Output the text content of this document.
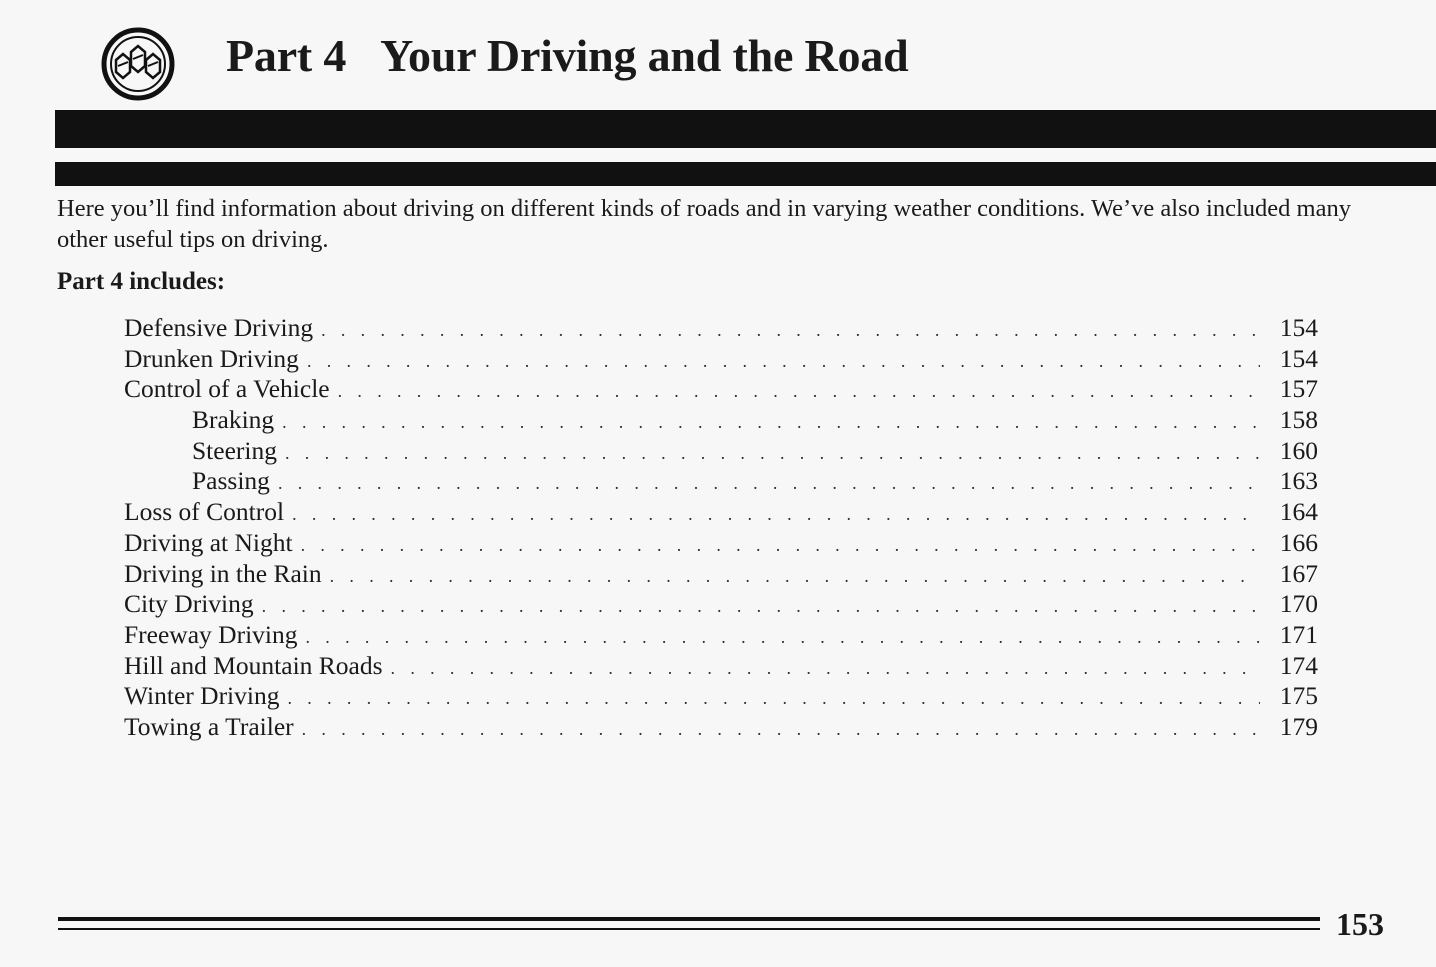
Part 4 Your Driving and the Road

Here you’ll find information about driving on different kinds of roads and in varying weather conditions. We’ve also included many other useful tips on driving.

Part 4 includes:

Defensive Driving . . .	154
Drunken Driving . . .	154
Control of a Vehicle . . .	157
Braking . . .	158
Steering . . .	160
Passing . . .	163
Loss of Control . . .	164
Driving at Night . . .	166
Driving in the Rain . . .	167
City Driving . . .	170
Freeway Driving . . .	171
Hill and Mountain Roads . . .	174
Winter Driving . . .	175
Towing a Trailer . . .	179
153
